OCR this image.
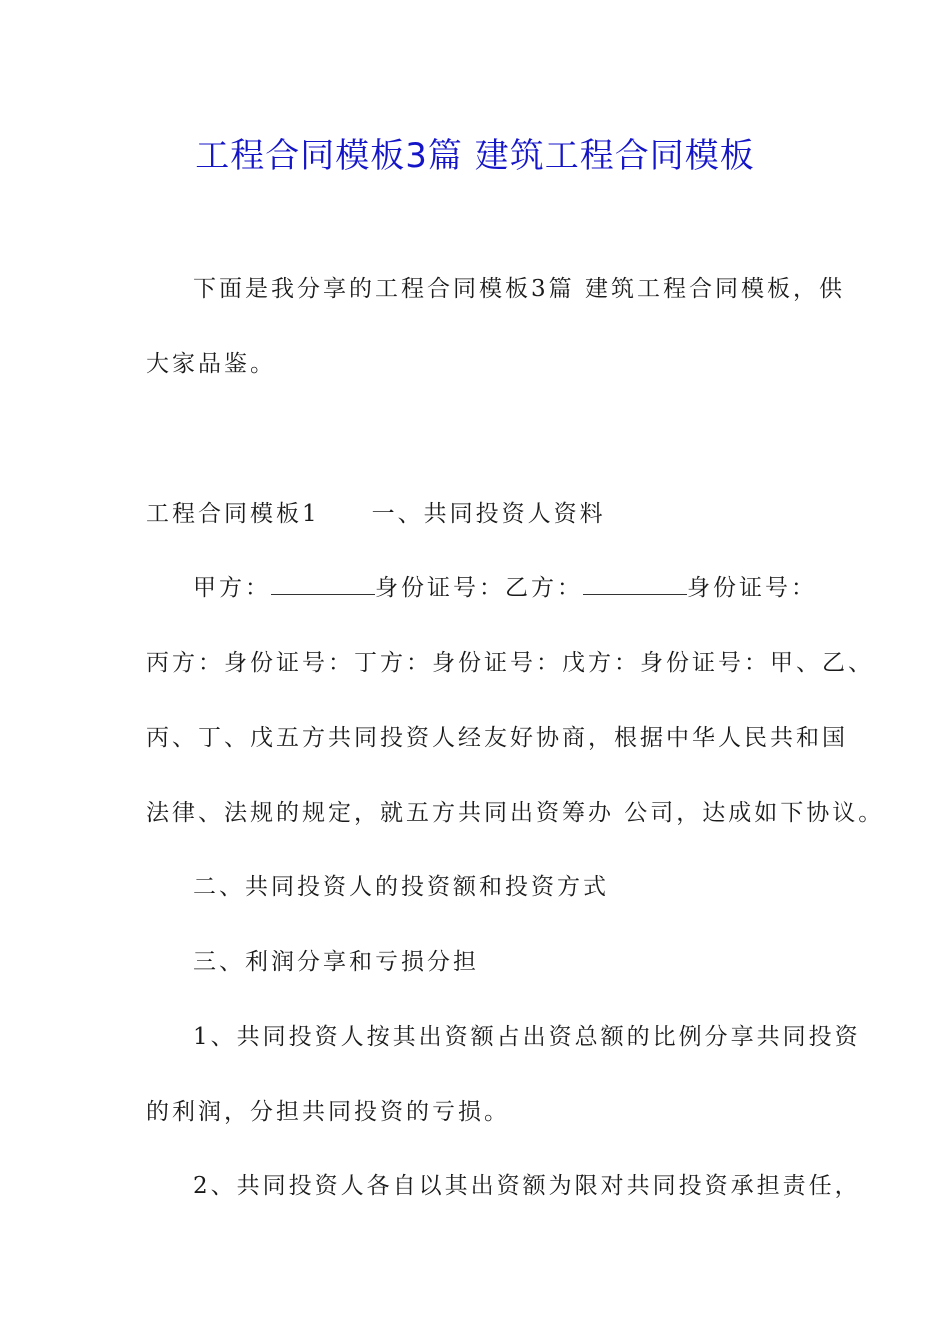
工程合同模板3篇 建筑工程合同模板

下面是我分享的工程合同模板3篇 建筑工程合同模板，供

大家品鉴。

工程合同模板1 一、共同投资人资料

甲方：	身份证号：乙方：	身份证号：

丙方：身份证号：丁方：身份证号：戊方：身份证号：甲、乙、

丙、丁、戊五方共同投资人经友好协商，根据中华人民共和国

法律、法规的规定，就五方共同出资筹办 公司，达成如下协议。

二、共同投资人的投资额和投资方式

三、利润分享和亏损分担

1、共同投资人按其出资额占出资总额的比例分享共同投资

的利润，分担共同投资的亏损。

2、共同投资人各自以其出资额为限对共同投资承担责任，
